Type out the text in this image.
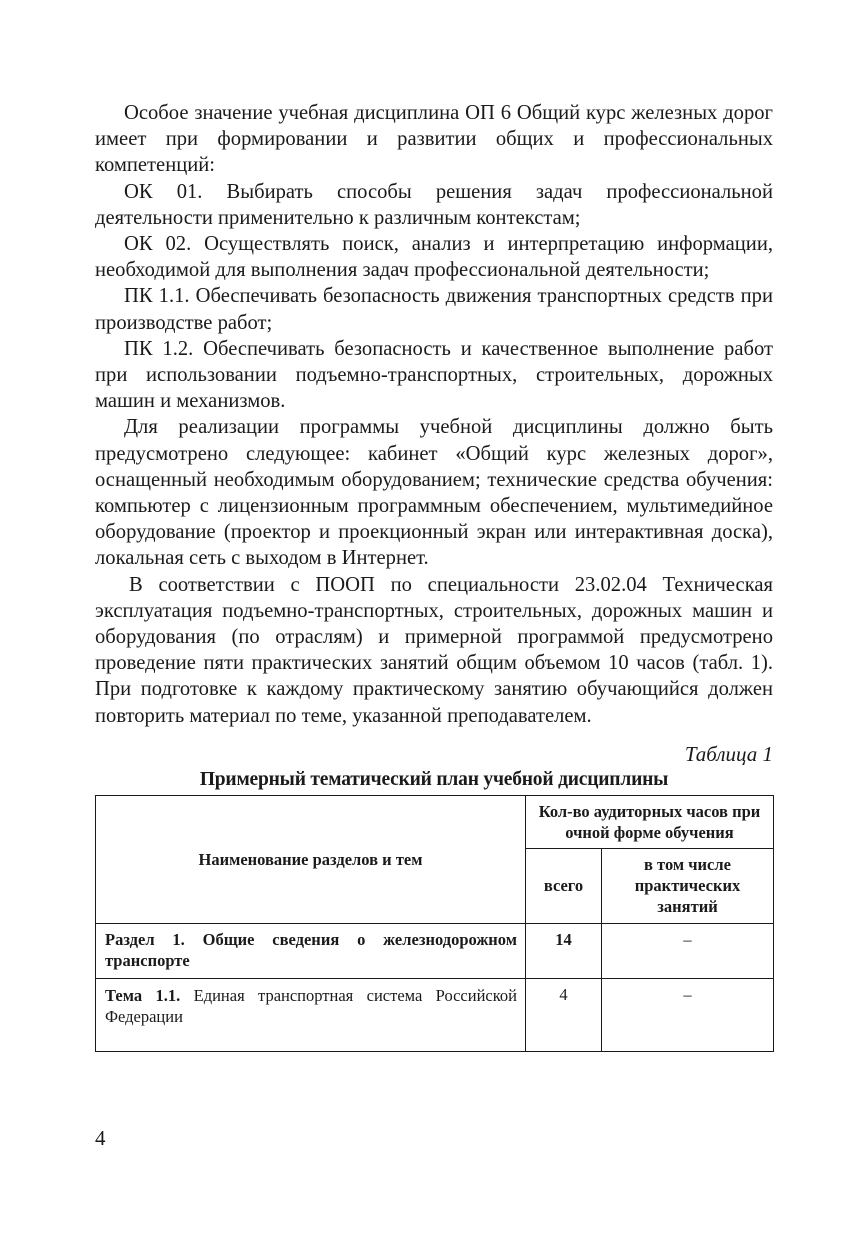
Особое значение учебная дисциплина ОП 6 Общий курс железных дорог имеет при формировании и развитии общих и профессиональных компетенций:

ОК 01. Выбирать способы решения задач профессиональной деятельности применительно к различным контекстам;

ОК 02. Осуществлять поиск, анализ и интерпретацию информации, необходимой для выполнения задач профессиональной деятельности;

ПК 1.1. Обеспечивать безопасность движения транспортных средств при производстве работ;

ПК 1.2. Обеспечивать безопасность и качественное выполнение работ при использовании подъемно-транспортных, строительных, дорожных машин и механизмов.

Для реализации программы учебной дисциплины должно быть предусмотрено следующее: кабинет «Общий курс железных дорог», оснащенный необходимым оборудованием; технические средства обучения: компьютер с лицензионным программным обеспечением, мультимедийное оборудование (проектор и проекционный экран или интерактивная доска), локальная сеть с выходом в Интернет.

В соответствии с ПООП по специальности 23.02.04 Техническая эксплуатация подъемно-транспортных, строительных, дорожных машин и оборудования (по отраслям) и примерной программой предусмотрено проведение пяти практических занятий общим объемом 10 часов (табл. 1). При подготовке к каждому практическому занятию обучающийся должен повторить материал по теме, указанной преподавателем.

Таблица 1
Примерный тематический план учебной дисциплины
Наименование разделов и тем	Кол-во аудиторных часов при очной форме обучения	
	всего	в том числе практических занятий
Раздел 1. Общие сведения о железнодорожном транспорте	14	–
Тема 1.1. Единая транспортная система Российской Федерации	4	–
4
